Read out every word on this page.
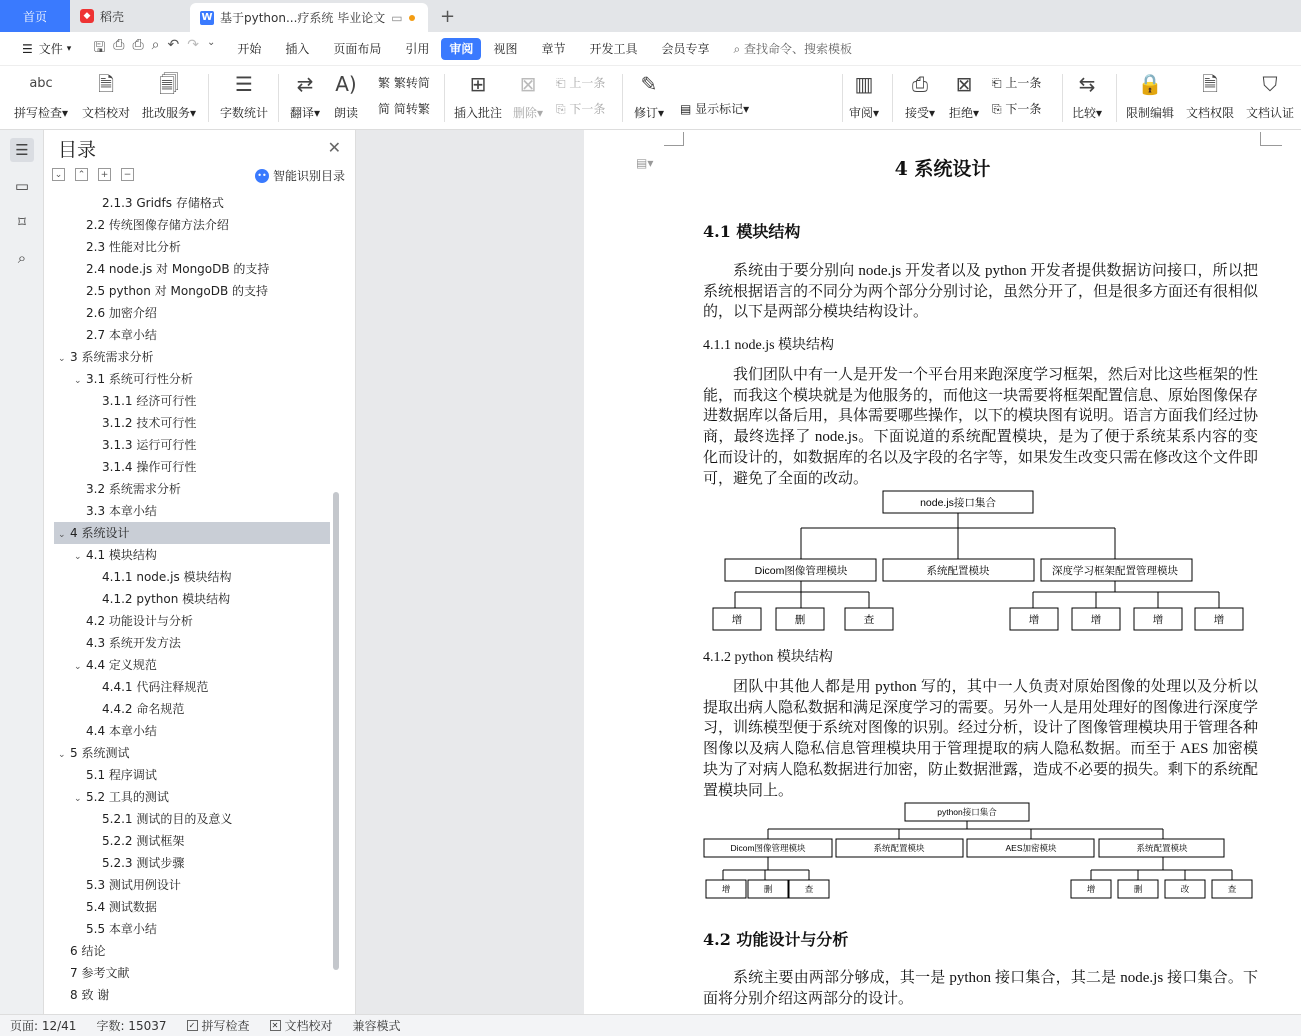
首页	◆ 稻壳	W 基于python...疗系统 毕业论文 ▭	+
☰ 文件 ▾ 🖫 ⎙ ⎙ ⌕ ↶ ↷ ⌄	开始	插入	页面布局	引用	审阅	视图	章节	开发工具	会员专享	⌕ 查找命令、搜索模板
abc
拼写检查▾
🗎
文档校对
🗐
批改服务▾
☰
字数统计
⇄
翻译▾
A)
朗读
繁 繁转简
简 简转繁
⊞
插入批注
⊠
删除▾
⎗ 上一条
⎘ 下一条
✎
修订▾	▤ 显示标记▾
▥
审阅▾
⎙
接受▾
⊠
拒绝▾
⎗ 上一条
⎘ 下一条
⇆
比较▾
🔒
限制编辑
🗎
文档权限
⛉
文档认证
☰
▭
⌑
⌕
目录	✕
⌄	⌃	+	−	•• 智能识别目录
2.1.3 Gridfs 存储格式
2.2 传统图像存储方法介绍
2.3 性能对比分析
2.4 node.js 对 MongoDB 的支持
2.5 python 对 MongoDB 的支持
2.6 加密介绍
2.7 本章小结
⌄ 3 系统需求分析
⌄ 3.1 系统可行性分析
3.1.1 经济可行性
3.1.2 技术可行性
3.1.3 运行可行性
3.1.4 操作可行性
3.2 系统需求分析
3.3 本章小结
⌄ 4 系统设计
⌄ 4.1 模块结构
4.1.1 node.js 模块结构
4.1.2 python 模块结构
4.2 功能设计与分析
4.3 系统开发方法
⌄ 4.4 定义规范
4.4.1 代码注释规范
4.4.2 命名规范
4.4 本章小结
⌄ 5 系统测试
5.1 程序调试
⌄ 5.2 工具的测试
5.2.1 测试的目的及意义
5.2.2 测试框架
5.2.3 测试步骤
5.3 测试用例设计
5.4 测试数据
5.5 本章小结
6 结论
7 参考文献
8 致 谢
▤▾	4 系统设计
4.1 模块结构
系统由于要分别向 node.js 开发者以及 python 开发者提供数据访问接口，所以把系统根据语言的不同分为两个部分分别讨论，虽然分开了，但是很多方面还有很相似的，以下是两部分模块结构设计。
4.1.1 node.js 模块结构
我们团队中有一人是开发一个平台用来跑深度学习框架，然后对比这些框架的性能，而我这个模块就是为他服务的，而他这一块需要将框架配置信息、原始图像保存进数据库以备后用，具体需要哪些操作，以下的模块图有说明。语言方面我们经过协商，最终选择了 node.js。下面说道的系统配置模块，是为了便于系统某系内容的变化而设计的，如数据库的名以及字段的名字等，如果发生改变只需在修改这个文件即可，避免了全面的改动。
node.js接口集合
Dicom图像管理模块	系统配置模块	深度学习框架配置管理模块
增	删	查	增	增	增	增
4.1.2 python 模块结构
团队中其他人都是用 python 写的，其中一人负责对原始图像的处理以及分析以提取出病人隐私数据和满足深度学习的需要。另外一人是用处理好的图像进行深度学习，训练模型便于系统对图像的识别。经过分析，设计了图像管理模块用于管理各种图像以及病人隐私信息管理模块用于管理提取的病人隐私数据。而至于 AES 加密模块为了对病人隐私数据进行加密，防止数据泄露，造成不必要的损失。剩下的系统配置模块同上。
python接口集合
Dicom图像管理模块	系统配置模块	AES加密模块	系统配置模块
增	删	查	增	删	改	查
4.2 功能设计与分析
系统主要由两部分够成，其一是 python 接口集合，其二是 node.js 接口集合。下面将分别介绍这两部分的设计。
页面: 12/41 字数: 15037	✓ 拼写检查	✕ 文档校对	兼容模式
